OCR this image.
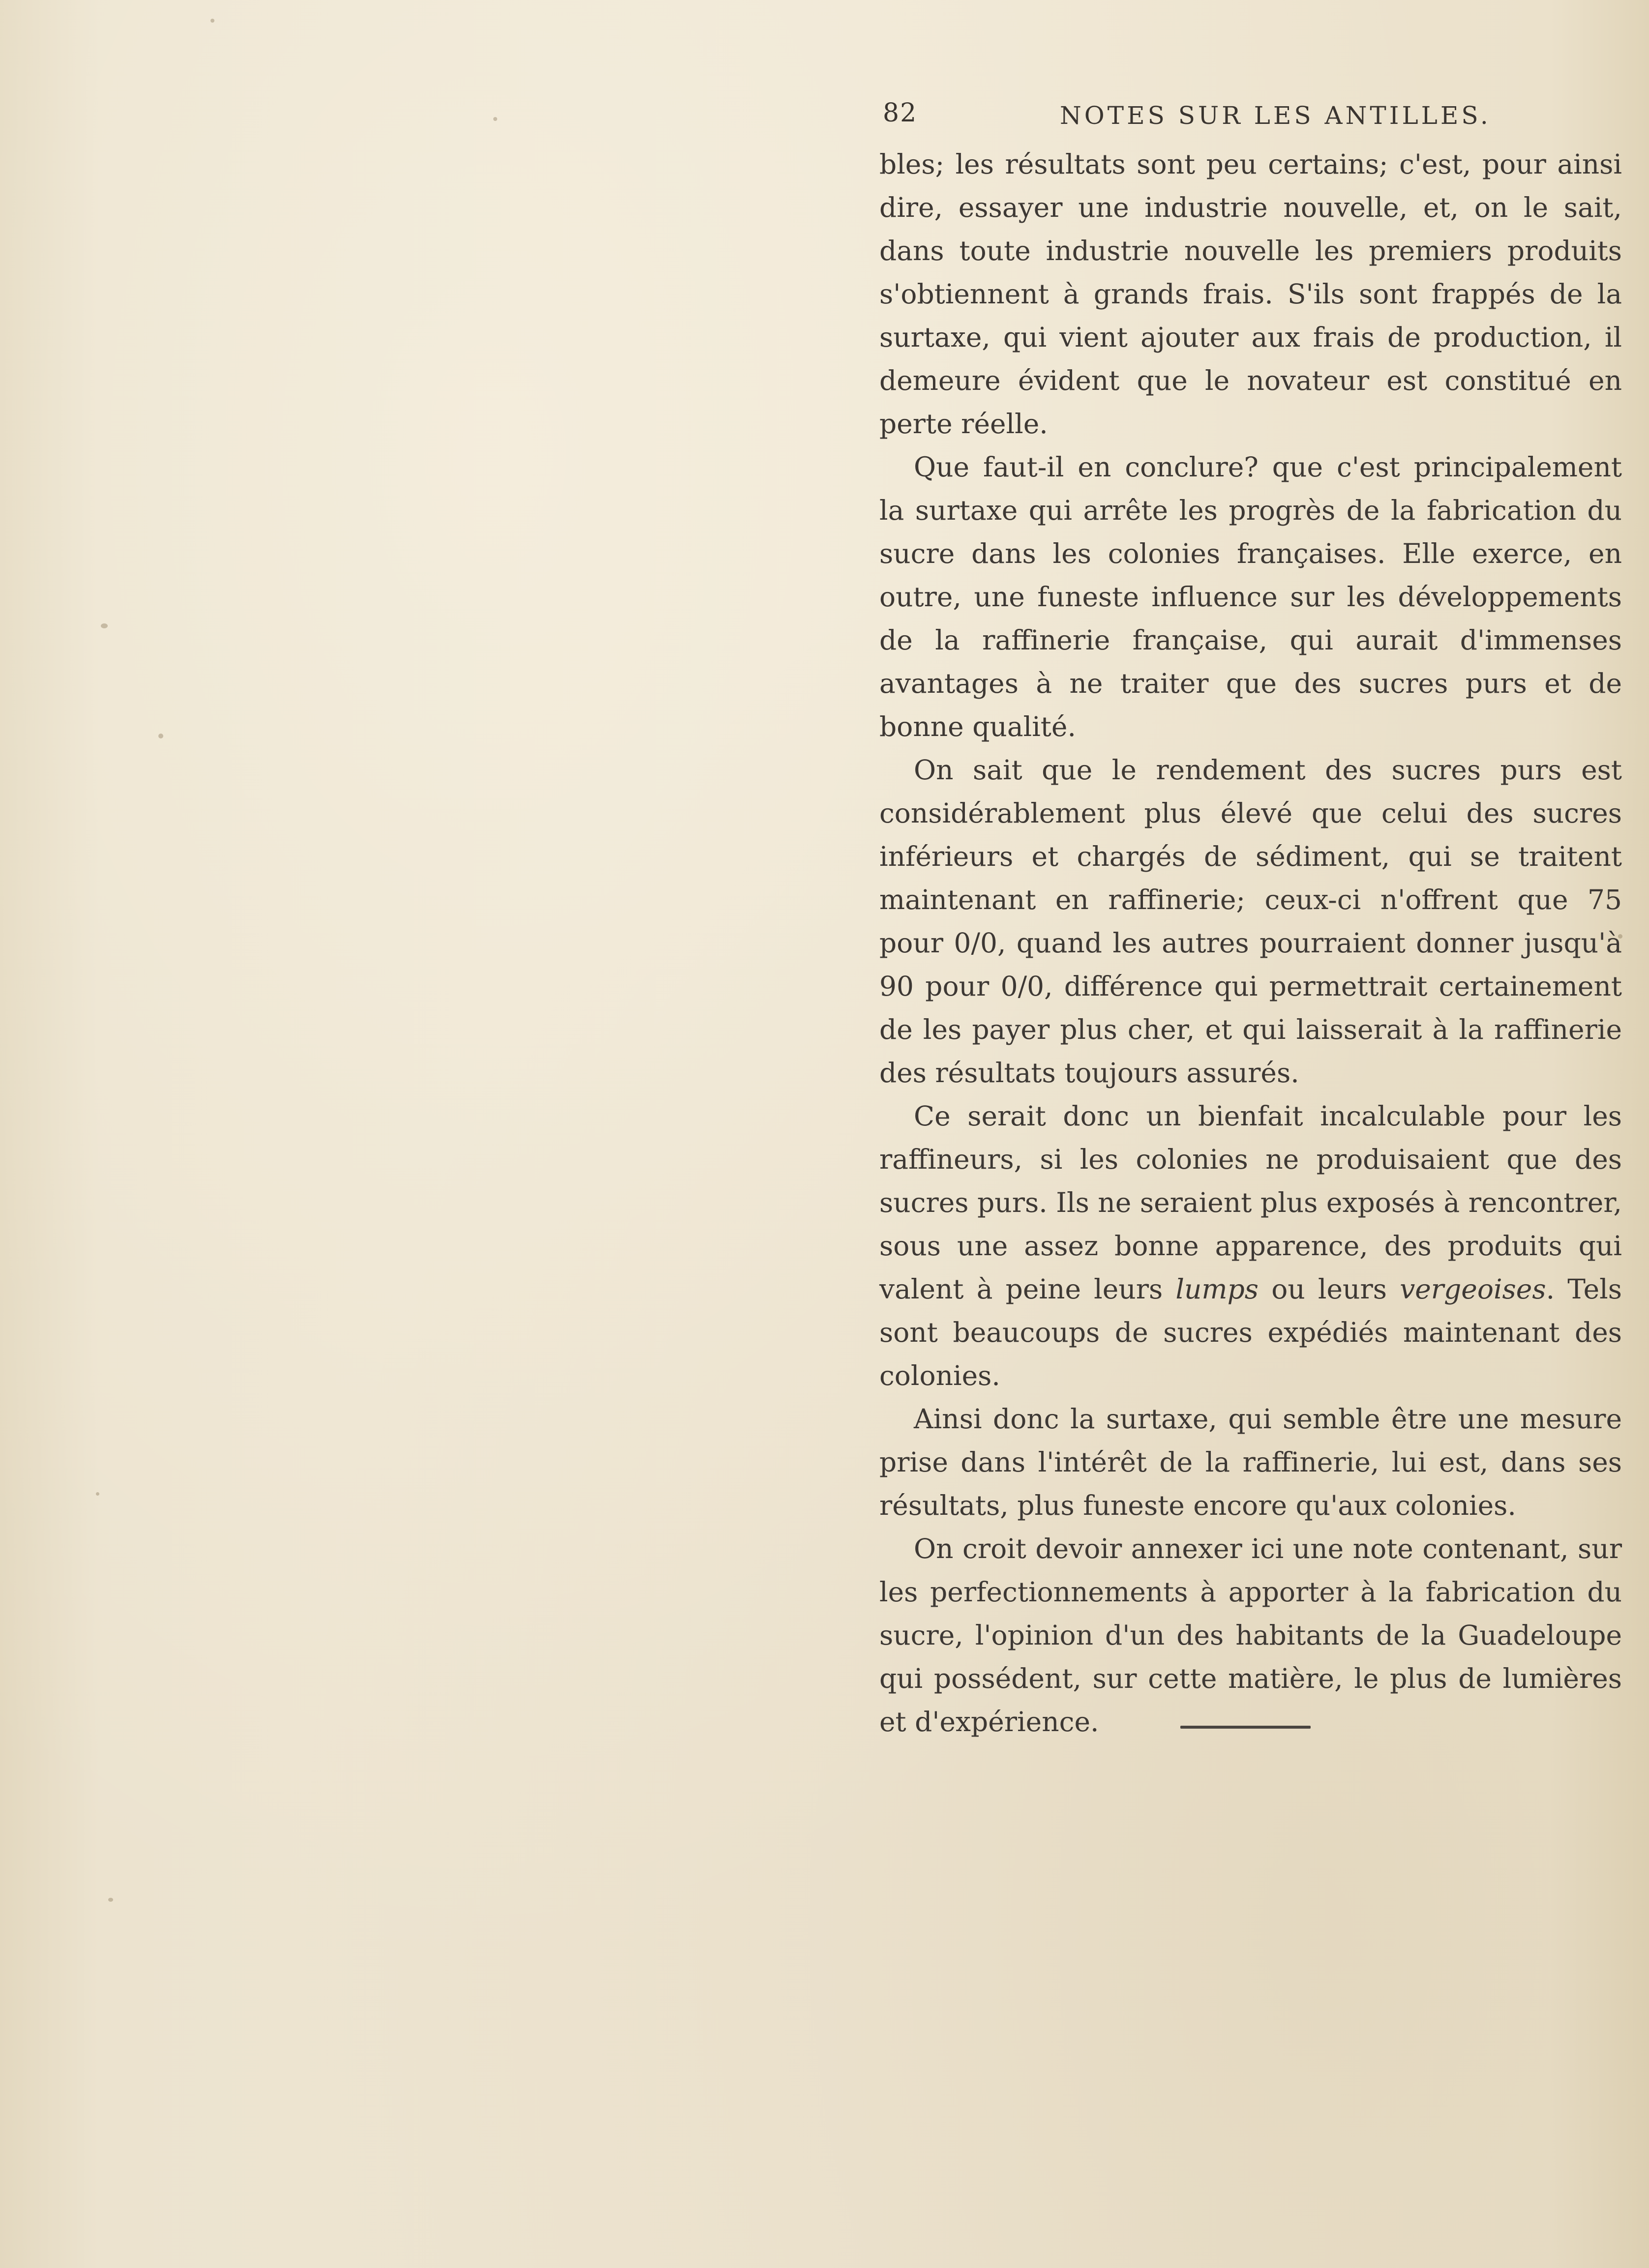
82	NOTES SUR LES ANTILLES.

bles; les résultats sont peu certains; c'est, pour ainsi dire, essayer une industrie nouvelle, et, on le sait, dans toute industrie nouvelle les premiers produits s'obtiennent à grands frais. S'ils sont frappés de la surtaxe, qui vient ajouter aux frais de production, il demeure évident que le novateur est constitué en perte réelle.

Que faut-il en conclure? que c'est principalement la surtaxe qui arrête les progrès de la fabrication du sucre dans les colonies françaises. Elle exerce, en outre, une funeste influence sur les développements de la raffinerie française, qui aurait d'immenses avantages à ne traiter que des sucres purs et de bonne qualité.

On sait que le rendement des sucres purs est considérablement plus élevé que celui des sucres inférieurs et chargés de sédiment, qui se traitent maintenant en raffinerie; ceux-ci n'offrent que 75 pour 0/0, quand les autres pourraient donner jusqu'à 90 pour 0/0, différence qui permettrait certainement de les payer plus cher, et qui laisserait à la raffinerie des résultats toujours assurés.

Ce serait donc un bienfait incalculable pour les raffineurs, si les colonies ne produisaient que des sucres purs. Ils ne seraient plus exposés à rencontrer, sous une assez bonne apparence, des produits qui valent à peine leurs lumps ou leurs vergeoises. Tels sont beaucoups de sucres expédiés maintenant des colonies.

Ainsi donc la surtaxe, qui semble être une mesure prise dans l'intérêt de la raffinerie, lui est, dans ses résultats, plus funeste encore qu'aux colonies.

On croit devoir annexer ici une note contenant, sur les perfectionnements à apporter à la fabrication du sucre, l'opinion d'un des habitants de la Guadeloupe qui possédent, sur cette matière, le plus de lumières et d'expérience.
